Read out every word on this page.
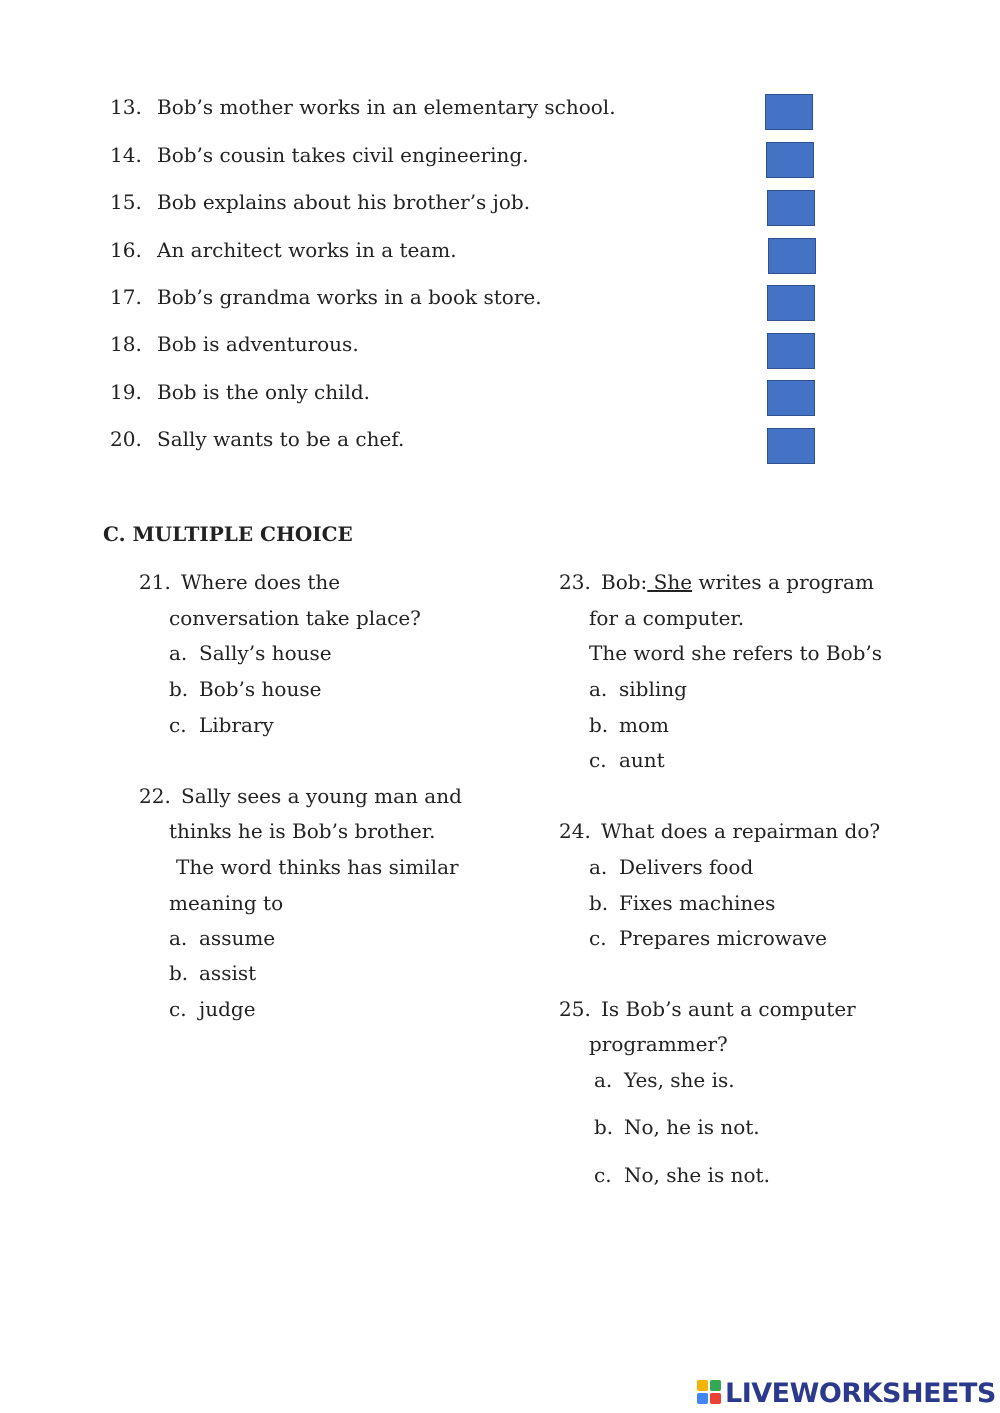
13. Bob’s mother works in an elementary school.
14. Bob’s cousin takes civil engineering.
15. Bob explains about his brother’s job.
16. An architect works in a team.
17. Bob’s grandma works in a book store.
18. Bob is adventurous.
19. Bob is the only child.
20. Sally wants to be a chef.
C. MULTIPLE CHOICE
21. Where does the
conversation take place?
a. Sally’s house
b. Bob’s house
c. Library
22. Sally sees a young man and
thinks he is Bob’s brother.
The word thinks has similar
meaning to
a. assume
b. assist
c. judge
23. Bob: She writes a program
for a computer.
The word she refers to Bob’s
a. sibling
b. mom
c. aunt
24. What does a repairman do?
a. Delivers food
b. Fixes machines
c. Prepares microwave
25. Is Bob’s aunt a computer
programmer?
a. Yes, she is.
b. No, he is not.
c. No, she is not.
LIVEWORKSHEETS
